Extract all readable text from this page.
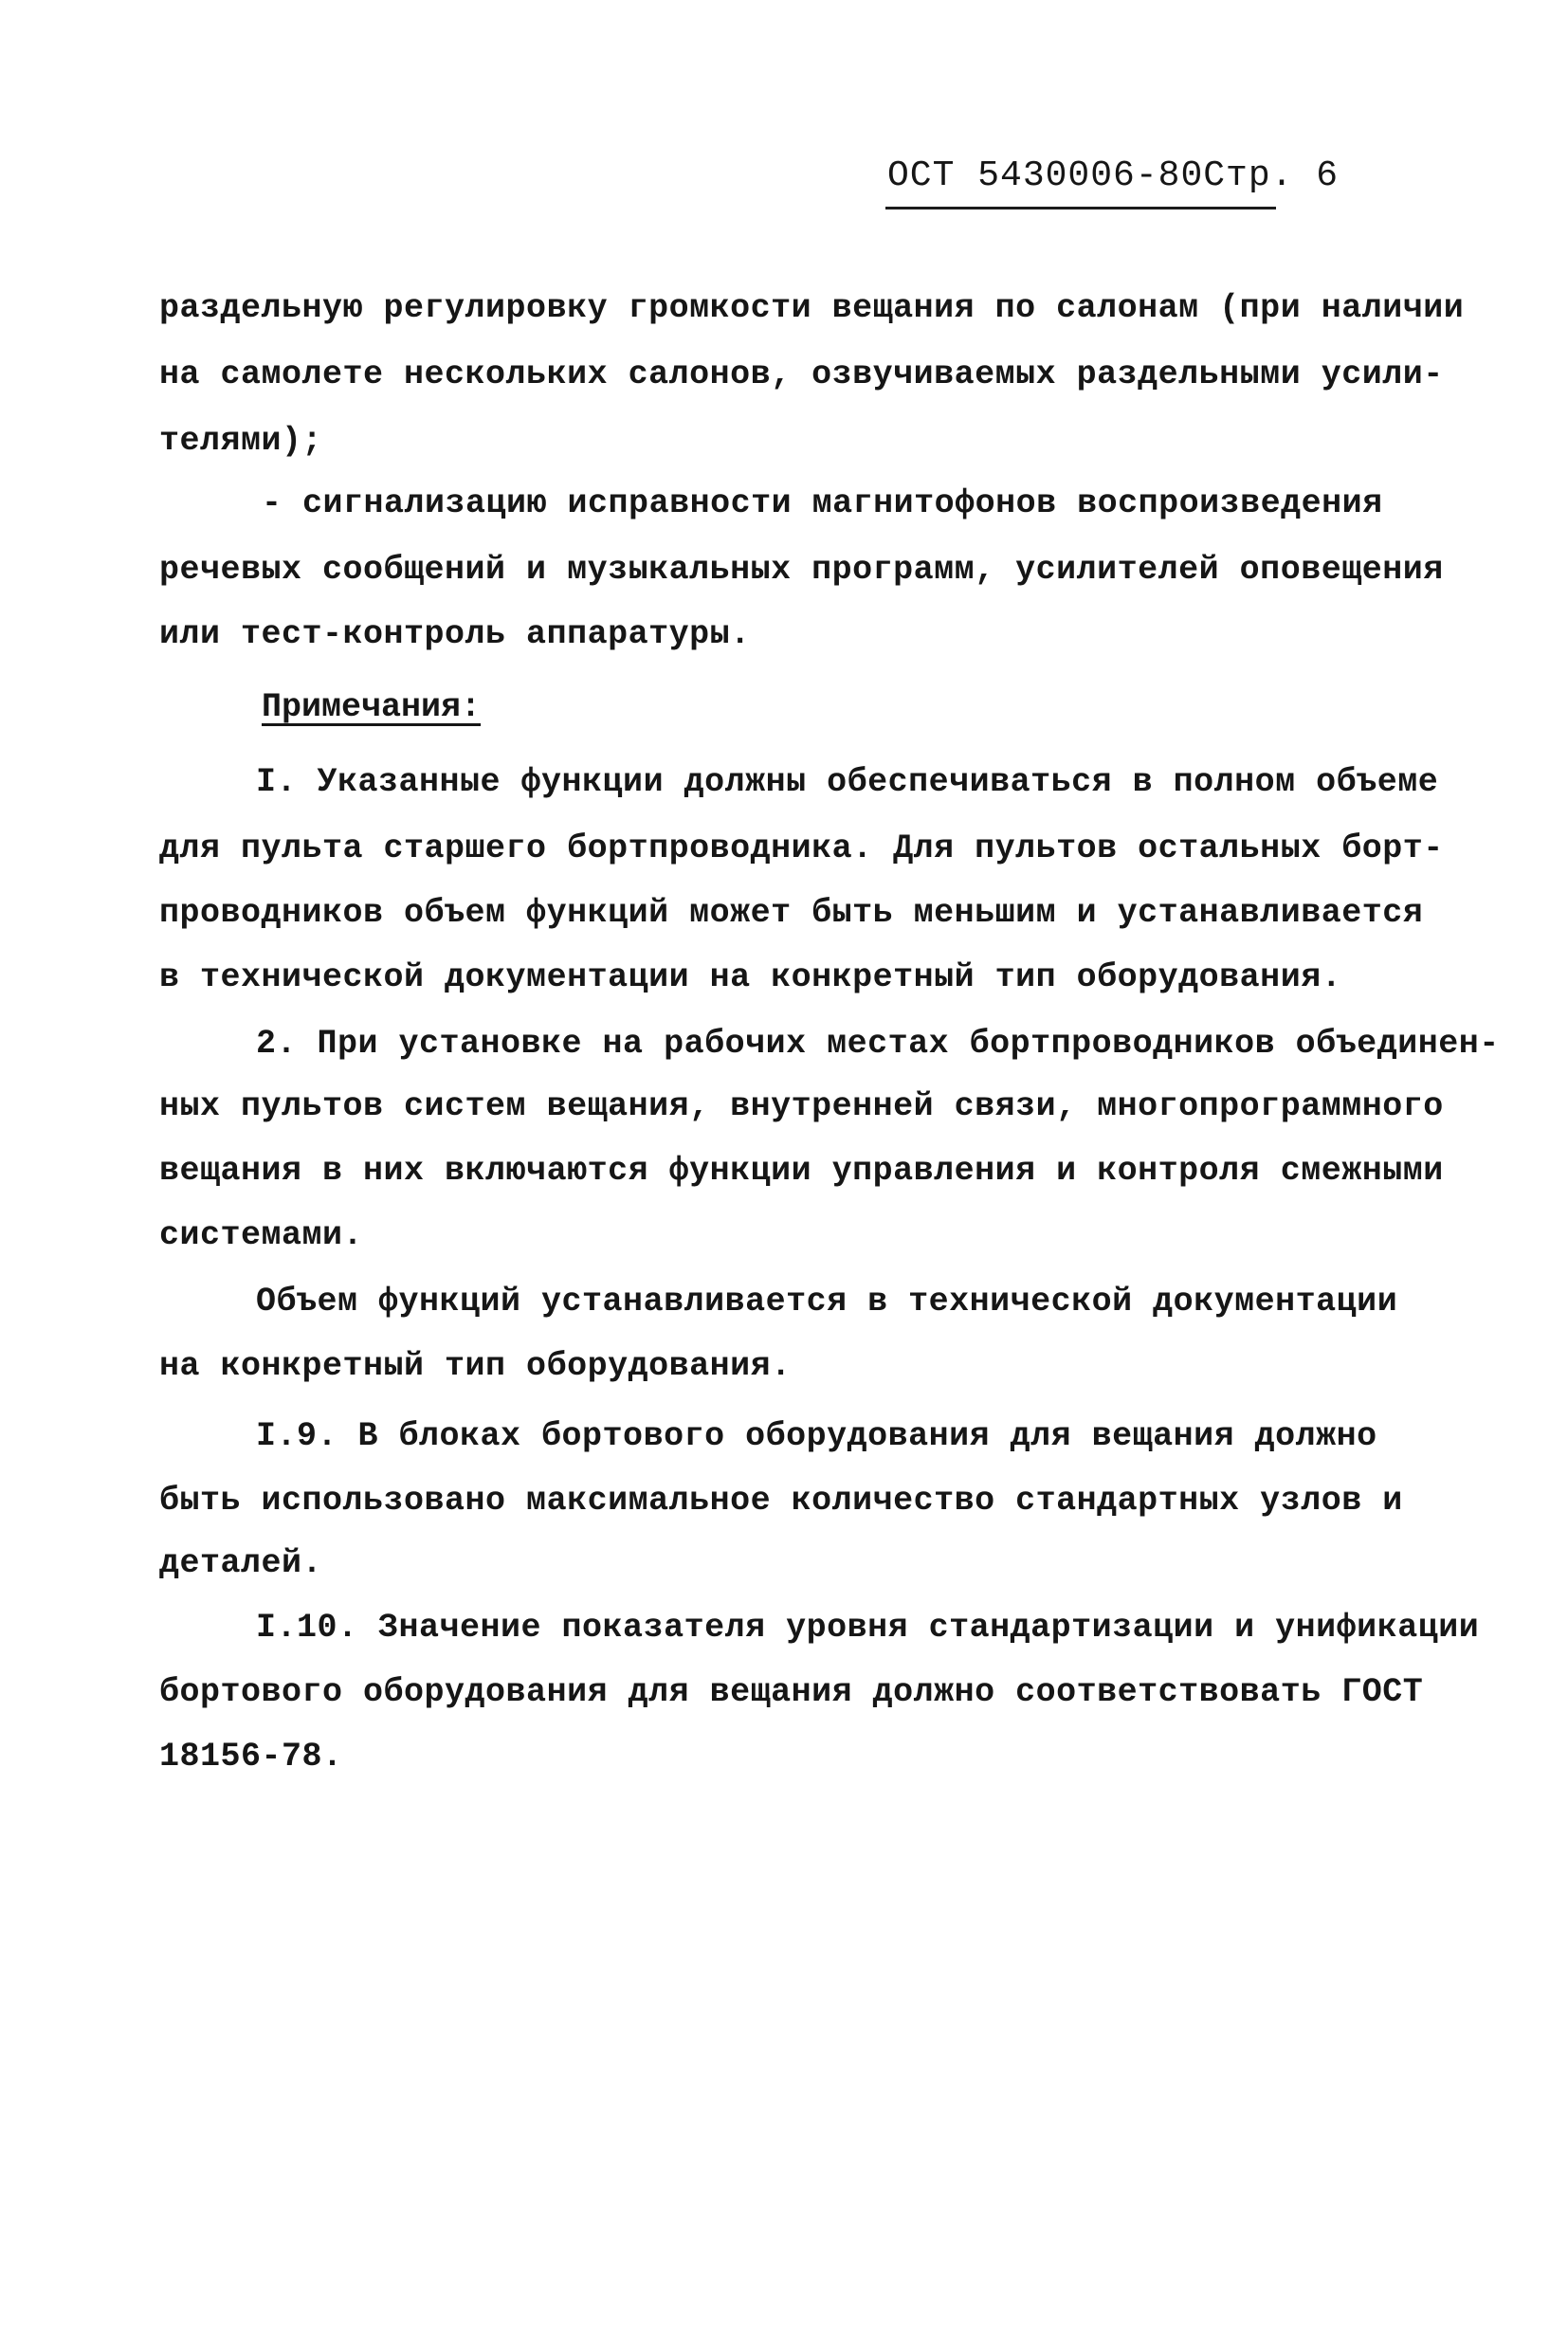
ОСТ 5430006-80Стр. 6
раздельную регулировку громкости вещания по салонам (при наличии
на самолете нескольких салонов, озвучиваемых раздельными усили-
телями);
- сигнализацию исправности магнитофонов воспроизведения
речевых сообщений и музыкальных программ, усилителей оповещения
или тест-контроль аппаратуры.
Примечания:
I. Указанные функции должны обеспечиваться в полном объеме
для пульта старшего бортпроводника. Для пультов остальных борт-
проводников объем функций может быть меньшим и устанавливается
в технической документации на конкретный тип оборудования.
2. При установке на рабочих местах бортпроводников объединен-
ных пультов систем вещания, внутренней связи, многопрограммного
вещания в них включаются функции управления и контроля смежными
системами.
Объем функций устанавливается в технической документации
на конкретный тип оборудования.
I.9. В блоках бортового оборудования для вещания должно
быть использовано максимальное количество стандартных узлов и
деталей.
I.10. Значение показателя уровня стандартизации и унификации
бортового оборудования для вещания должно соответствовать ГОСТ
18156-78.
